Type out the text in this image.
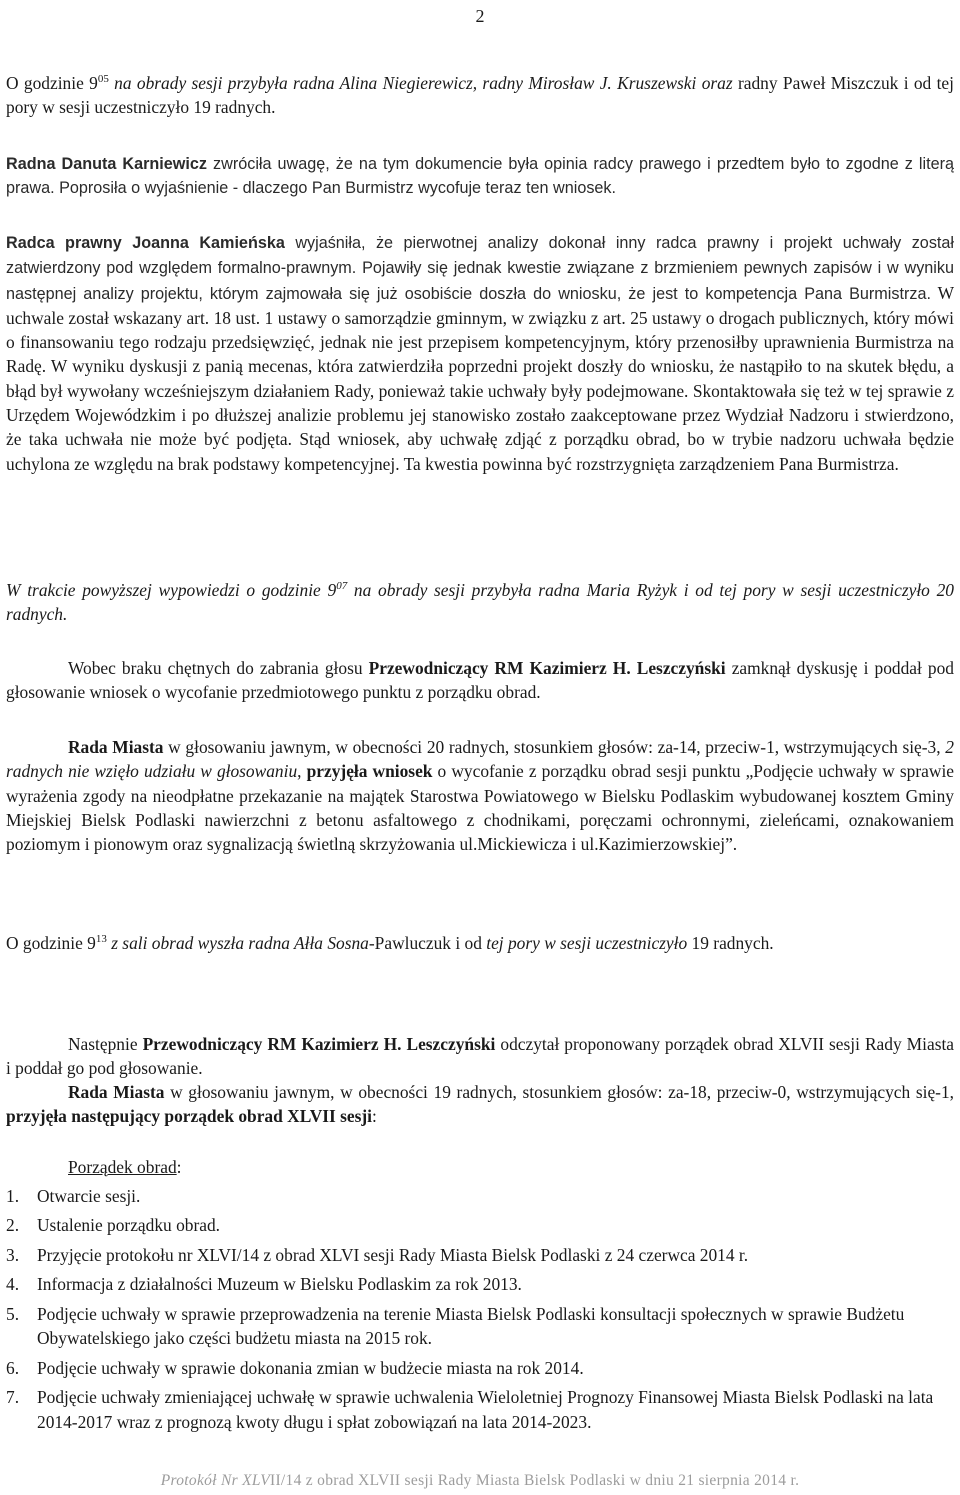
2

O godzinie $9^{05}$ na obrady sesji przybyła radna Alina Niegierewicz, radny Mirosław J. Kruszewski oraz radny Paweł Miszczuk i od tej pory w sesji uczestniczyło 19 radnych.

Radna Danuta Karniewicz zwróciła uwagę, że na tym dokumencie była opinia radcy prawego i przedtem było to zgodne z literą prawa. Poprosiła o wyjaśnienie - dlaczego Pan Burmistrz wycofuje teraz ten wniosek.

Radca prawny Joanna Kamieńska wyjaśniła, że pierwotnej analizy dokonał inny radca prawny i projekt uchwały został zatwierdzony pod względem formalno-prawnym. Pojawiły się jednak kwestie związane z brzmieniem pewnych zapisów i w wyniku następnej analizy projektu, którym zajmowała się już osobiście doszła do wniosku, że jest to kompetencja Pana Burmistrza. W uchwale został wskazany art. 18 ust. 1 ustawy o samorządzie gminnym, w związku z art. 25 ustawy o drogach publicznych, który mówi o finansowaniu tego rodzaju przedsięwzięć, jednak nie jest przepisem kompetencyjnym, który przenosiłby uprawnienia Burmistrza na Radę. W wyniku dyskusji z panią mecenas, która zatwierdziła poprzedni projekt doszły do wniosku, że nastąpiło to na skutek błędu, a błąd był wywołany wcześniejszym działaniem Rady, ponieważ takie uchwały były podejmowane. Skontaktowała się też w tej sprawie z Urzędem Wojewódzkim i po dłuższej analizie problemu jej stanowisko zostało zaakceptowane przez Wydział Nadzoru i stwierdzono, że taka uchwała nie może być podjęta. Stąd wniosek, aby uchwałę zdjąć z porządku obrad, bo w trybie nadzoru uchwała będzie uchylona ze względu na brak podstawy kompetencyjnej. Ta kwestia powinna być rozstrzygnięta zarządzeniem Pana Burmistrza.

W trakcie powyższej wypowiedzi o godzinie $9^{07}$ na obrady sesji przybyła radna Maria Ryżyk i od tej pory w sesji uczestniczyło 20 radnych.

Wobec braku chętnych do zabrania głosu Przewodniczący RM Kazimierz H. Leszczyński zamknął dyskusję i poddał pod głosowanie wniosek o wycofanie przedmiotowego punktu z porządku obrad.

Rada Miasta w głosowaniu jawnym, w obecności 20 radnych, stosunkiem głosów: za-14, przeciw-1, wstrzymujących się-3, 2 radnych nie wzięło udziału w głosowaniu, przyjęła wniosek o wycofanie z porządku obrad sesji punktu „Podjęcie uchwały w sprawie wyrażenia zgody na nieodpłatne przekazanie na majątek Starostwa Powiatowego w Bielsku Podlaskim wybudowanej kosztem Gminy Miejskiej Bielsk Podlaski nawierzchni z betonu asfaltowego z chodnikami, poręczami ochronnymi, zieleńcami, oznakowaniem poziomym i pionowym oraz sygnalizacją świetlną skrzyżowania ul.Mickiewicza i ul.Kazimierzowskiej”.

O godzinie $9^{13}$ z sali obrad wyszła radna Ałła Sosna-Pawluczuk i od tej pory w sesji uczestniczyło 19 radnych.

Następnie Przewodniczący RM Kazimierz H. Leszczyński odczytał proponowany porządek obrad XLVII sesji Rady Miasta i poddał go pod głosowanie.

Rada Miasta w głosowaniu jawnym, w obecności 19 radnych, stosunkiem głosów: za-18, przeciw-0, wstrzymujących się-1, przyjęła następujący porządek obrad XLVII sesji:

Porządek obrad:

1. Otwarcie sesji.
2. Ustalenie porządku obrad.
3. Przyjęcie protokołu nr XLVI/14 z obrad XLVI sesji Rady Miasta Bielsk Podlaski z 24 czerwca 2014 r.
4. Informacja z działalności Muzeum w Bielsku Podlaskim za rok 2013.
5. Podjęcie uchwały w sprawie przeprowadzenia na terenie Miasta Bielsk Podlaski konsultacji społecznych w sprawie Budżetu Obywatelskiego jako części budżetu miasta na 2015 rok.
6. Podjęcie uchwały w sprawie dokonania zmian w budżecie miasta na rok 2014.
7. Podjęcie uchwały zmieniającej uchwałę w sprawie uchwalenia Wieloletniej Prognozy Finansowej Miasta Bielsk Podlaski na lata 2014-2017 wraz z prognozą kwoty długu i spłat zobowiązań na lata 2014-2023.
Protokół Nr XLVII/14 z obrad XLVII sesji Rady Miasta Bielsk Podlaski w dniu 21 sierpnia 2014 r.
